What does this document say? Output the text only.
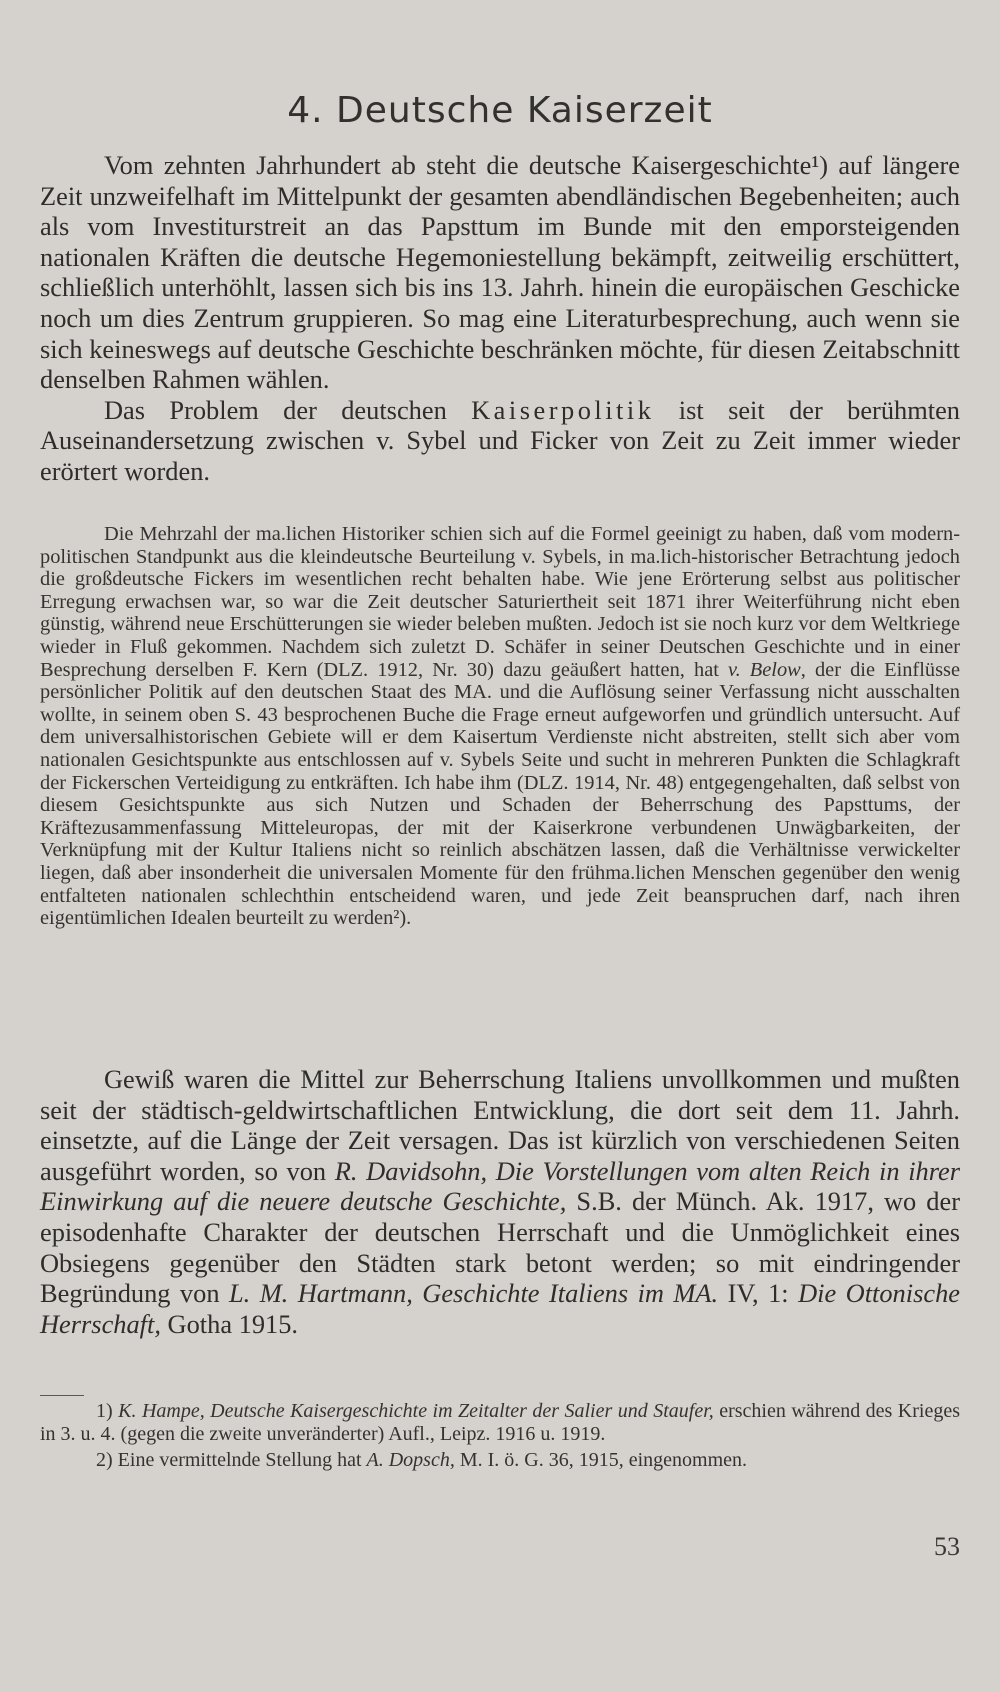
4. Deutsche Kaiserzeit

Vom zehnten Jahrhundert ab steht die deutsche Kaisergeschichte¹) auf längere Zeit unzweifelhaft im Mittelpunkt der gesamten abendländischen Begebenheiten; auch als vom Investiturstreit an das Papsttum im Bunde mit den emporsteigenden nationalen Kräften die deutsche Hegemoniestellung bekämpft, zeitweilig erschüttert, schließlich unterhöhlt, lassen sich bis ins 13. Jahrh. hinein die europäischen Geschicke noch um dies Zentrum gruppieren. So mag eine Literaturbesprechung, auch wenn sie sich keineswegs auf deutsche Geschichte beschränken möchte, für diesen Zeitabschnitt denselben Rahmen wählen.

Das Problem der deutschen Kaiserpolitik ist seit der berühmten Auseinandersetzung zwischen v. Sybel und Ficker von Zeit zu Zeit immer wieder erörtert worden.

Die Mehrzahl der ma.lichen Historiker schien sich auf die Formel geeinigt zu haben, daß vom modern-politischen Standpunkt aus die kleindeutsche Beurteilung v. Sybels, in ma.lich-historischer Betrachtung jedoch die großdeutsche Fickers im wesentlichen recht behalten habe. Wie jene Erörterung selbst aus politischer Erregung erwachsen war, so war die Zeit deutscher Saturiertheit seit 1871 ihrer Weiterführung nicht eben günstig, während neue Erschütterungen sie wieder beleben mußten. Jedoch ist sie noch kurz vor dem Weltkriege wieder in Fluß gekommen. Nachdem sich zuletzt D. Schäfer in seiner Deutschen Geschichte und in einer Besprechung derselben F. Kern (DLZ. 1912, Nr. 30) dazu geäußert hatten, hat v. Below, der die Einflüsse persönlicher Politik auf den deutschen Staat des MA. und die Auflösung seiner Verfassung nicht ausschalten wollte, in seinem oben S. 43 besprochenen Buche die Frage erneut aufgeworfen und gründlich untersucht. Auf dem universalhistorischen Gebiete will er dem Kaisertum Verdienste nicht abstreiten, stellt sich aber vom nationalen Gesichtspunkte aus entschlossen auf v. Sybels Seite und sucht in mehreren Punkten die Schlagkraft der Fickerschen Verteidigung zu entkräften. Ich habe ihm (DLZ. 1914, Nr. 48) entgegengehalten, daß selbst von diesem Gesichtspunkte aus sich Nutzen und Schaden der Beherrschung des Papsttums, der Kräftezusammenfassung Mitteleuropas, der mit der Kaiserkrone verbundenen Unwägbarkeiten, der Verknüpfung mit der Kultur Italiens nicht so reinlich abschätzen lassen, daß die Verhältnisse verwickelter liegen, daß aber insonderheit die universalen Momente für den frühma.lichen Menschen gegenüber den wenig entfalteten nationalen schlechthin entscheidend waren, und jede Zeit beanspruchen darf, nach ihren eigentümlichen Idealen beurteilt zu werden²).

Gewiß waren die Mittel zur Beherrschung Italiens unvollkommen und mußten seit der städtisch-geldwirtschaftlichen Entwicklung, die dort seit dem 11. Jahrh. einsetzte, auf die Länge der Zeit versagen. Das ist kürzlich von verschiedenen Seiten ausgeführt worden, so von R. Davidsohn, Die Vorstellungen vom alten Reich in ihrer Einwirkung auf die neuere deutsche Geschichte, S.B. der Münch. Ak. 1917, wo der episodenhafte Charakter der deutschen Herrschaft und die Unmöglichkeit eines Obsiegens gegenüber den Städten stark betont werden; so mit eindringender Begründung von L. M. Hartmann, Geschichte Italiens im MA. IV, 1: Die Ottonische Herrschaft, Gotha 1915.

1) K. Hampe, Deutsche Kaisergeschichte im Zeitalter der Salier und Staufer, erschien während des Krieges in 3. u. 4. (gegen die zweite unveränderter) Aufl., Leipz. 1916 u. 1919.

2) Eine vermittelnde Stellung hat A. Dopsch, M. I. ö. G. 36, 1915, eingenommen.

53
